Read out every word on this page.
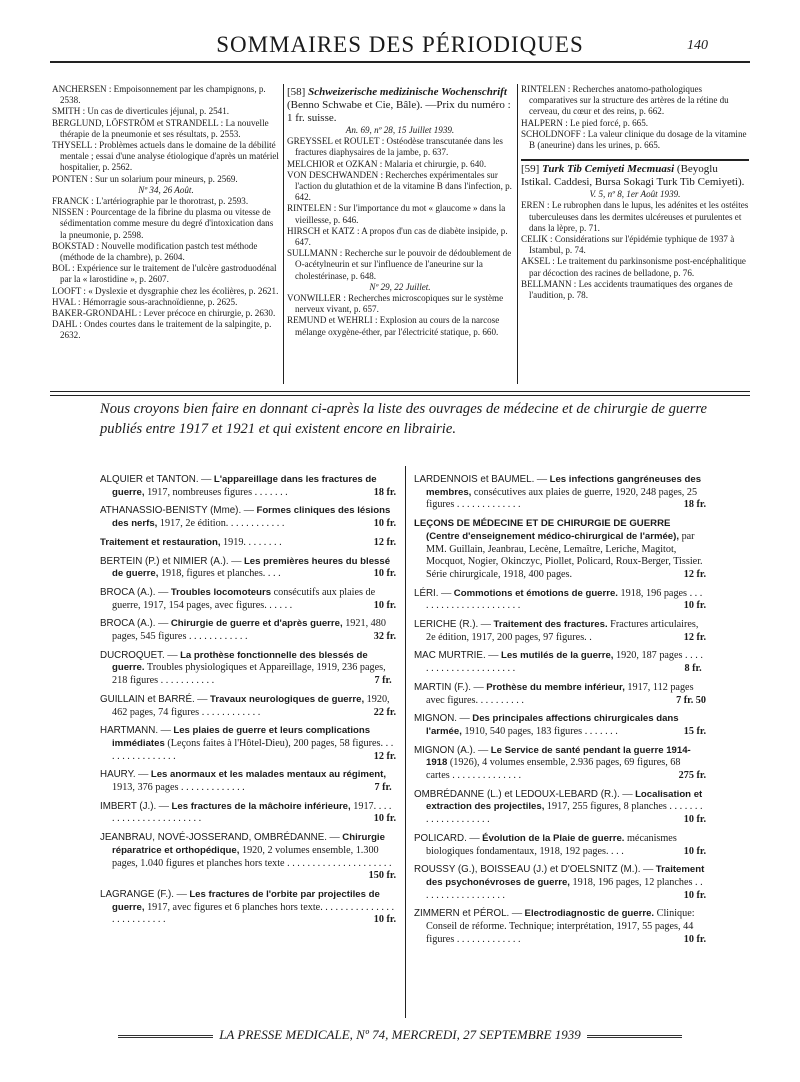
SOMMAIRES DES PÉRIODIQUES	140

ANCHERSEN : Empoisonnement par les champignons, p. 2538.

SMITH : Un cas de diverticules jéjunal, p. 2541.

BERGLUND, LÖFSTRÖM et STRANDELL : La nouvelle thérapie de la pneumonie et ses résultats, p. 2553.

THYSELL : Problèmes actuels dans le domaine de la débilité mentale ; essai d'une analyse étiologique d'après un matériel hospitalier, p. 2562.

PONTEN : Sur un solarium pour mineurs, p. 2569.

Nº 34, 26 Août.

FRANCK : L'artériographie par le thorotrast, p. 2593.

NISSEN : Pourcentage de la fibrine du plasma ou vitesse de sédimentation comme mesure du degré d'intoxication dans la pneumonie, p. 2598.

BOKSTAD : Nouvelle modification pastch test méthode (méthode de la chambre), p. 2604.

BOL : Expérience sur le traitement de l'ulcère gastroduodénal par la « larostidine », p. 2607.

LOOFT : « Dyslexie et dysgraphie chez les écolières, p. 2621.

HVAL : Hémorragie sous-arachnoïdienne, p. 2625.

BAKER-GRONDAHL : Lever précoce en chirurgie, p. 2630.

DAHL : Ondes courtes dans le traitement de la salpingite, p. 2632.

[58] Schweizerische medizinische Wochenschrift (Benno Schwabe et Cie, Bâle). —Prix du numéro : 1 fr. suisse.

An. 69, nº 28, 15 Juillet 1939.

GREYSSEL et ROULET : Ostéodèse transcutanée dans les fractures diaphysaires de la jambe, p. 637.

MELCHIOR et OZKAN : Malaria et chirurgie, p. 640.

VON DESCHWANDEN : Recherches expérimentales sur l'action du glutathion et de la vitamine B dans l'infection, p. 642.

RINTELEN : Sur l'importance du mot « glaucome » dans la vieillesse, p. 646.

HIRSCH et KATZ : A propos d'un cas de diabète insipide, p. 647.

SULLMANN : Recherche sur le pouvoir de dédoublement de O-acétylneurin et sur l'influence de l'aneurine sur la cholestérinase, p. 648.

Nº 29, 22 Juillet.

VONWILLER : Recherches microscopiques sur le système nerveux vivant, p. 657.

REMUND et WEHRLI : Explosion au cours de la narcose mélange oxygène-éther, par l'électricité statique, p. 660.

RINTELEN : Recherches anatomo-pathologiques comparatives sur la structure des artères de la rétine du cerveau, du cœur et des reins, p. 662.

HALPERN : Le pied forcé, p. 665.

SCHOLDNOFF : La valeur clinique du dosage de la vitamine B (aneurine) dans les urines, p. 665.

[59] Turk Tib Cemiyeti Mecmuasi (Beyoglu Istikal. Caddesi, Bursa Sokagi Turk Tib Cemiyeti).

V. 5, nº 8, 1er Août 1939.

EREN : Le rubrophen dans le lupus, les adénites et les ostéites tuberculeuses dans les dermites ulcéreuses et purulentes et dans la lèpre, p. 71.

CELIK : Considérations sur l'épidémie typhique de 1937 à Istambul, p. 74.

AKSEL : Le traitement du parkinsonisme post-encéphalitique par décoction des racines de belladone, p. 76.

BELLMANN : Les accidents traumatiques des organes de l'audition, p. 78.

Nous croyons bien faire en donnant ci-après la liste des ouvrages de médecine et de chirurgie de guerre publiés entre 1917 et 1921 et qui existent encore en librairie.

ALQUIER et TANTON. — L'appareillage dans les fractures de guerre, 1917, nombreuses figures . . . . . . .	18 fr.

ATHANASSIO-BENISTY (Mme). — Formes cliniques des lésions des nerfs, 1917, 2e édition. . . . . . . . . . . .	10 fr.

Traitement et restauration, 1919. . . . . . . .	12 fr.

BERTEIN (P.) et NIMIER (A.). — Les premières heures du blessé de guerre, 1918, figures et planches. . . .	10 fr.

BROCA (A.). — Troubles locomoteurs consécutifs aux plaies de guerre, 1917, 154 pages, avec figures. . . . . .	10 fr.

BROCA (A.). — Chirurgie de guerre et d'après guerre, 1921, 480 pages, 545 figures . . . . . . . . . . . .	32 fr.

DUCROQUET. — La prothèse fonctionnelle des blessés de guerre. Troubles physiologiques et Appareillage, 1919, 236 pages, 218 figures . . . . . . . . . . .	7 fr.

GUILLAIN et BARRÉ. — Travaux neurologiques de guerre, 1920, 462 pages, 74 figures . . . . . . . . . . . .	22 fr.

HARTMANN. — Les plaies de guerre et leurs complications immédiates (Leçons faites à l'Hôtel-Dieu), 200 pages, 58 figures. . . . . . . . . . . . . . . .	12 fr.

HAURY. — Les anormaux et les malades mentaux au régiment, 1913, 376 pages . . . . . . . . . . . . .	7 fr.

IMBERT (J.). — Les fractures de la mâchoire inférieure, 1917. . . . . . . . . . . . . . . . . . . . . .	10 fr.

JEANBRAU, NOVÉ-JOSSERAND, OMBRÉDANNE. — Chirurgie réparatrice et orthopédique, 1920, 2 volumes ensemble, 1.300 pages, 1.040 figures et planches hors texte . . . . . . . . . . . . . . . . . . . . .
150 fr.

LAGRANGE (F.). — Les fractures de l'orbite par projectiles de guerre, 1917, avec figures et 6 planches hors texte. . . . . . . . . . . . . . . . . . . . . . . . . .	10 fr.

LARDENNOIS et BAUMEL. — Les infections gangréneuses des membres, consécutives aux plaies de guerre, 1920, 248 pages, 25 figures . . . . . . . . . . . . .	18 fr.

LEÇONS DE MÉDECINE ET DE CHIRURGIE DE GUERRE (Centre d'enseignement médico-chirurgical de l'armée), par MM. Guillain, Jeanbrau, Lecène, Lemaître, Leriche, Magitot, Mocquot, Nogier, Okinczyc, Piollet, Policard, Roux-Berger, Tissier. Série chirurgicale, 1918, 400 pages.	12 fr.

LÉRI. — Commotions et émotions de guerre. 1918, 196 pages . . . . . . . . . . . . . . . . . . . . . .	10 fr.

LERICHE (R.). — Traitement des fractures. Fractures articulaires, 2e édition, 1917, 200 pages, 97 figures. .	12 fr.

MAC MURTRIE. — Les mutilés de la guerre, 1920, 187 pages . . . . . . . . . . . . . . . . . . . . . .	8 fr.

MARTIN (F.). — Prothèse du membre inférieur, 1917, 112 pages avec figures. . . . . . . . . .	7 fr. 50

MIGNON. — Des principales affections chirurgicales dans l'armée, 1910, 540 pages, 183 figures . . . . . . .	15 fr.

MIGNON (A.). — Le Service de santé pendant la guerre 1914-1918 (1926), 4 volumes ensemble, 2.936 pages, 69 figures, 68 cartes . . . . . . . . . . . . . .	275 fr.

OMBRÉDANNE (L.) et LEDOUX-LEBARD (R.). — Localisation et extraction des projectiles, 1917, 255 figures, 8 planches . . . . . . . . . . . . . . . . . . . .	10 fr.

POLICARD. — Évolution de la Plaie de guerre. mécanismes biologiques fondamentaux, 1918, 192 pages. . . .	10 fr.

ROUSSY (G.), BOISSEAU (J.) et D'OELSNITZ (M.). — Traitement des psychonévroses de guerre, 1918, 196 pages, 12 planches . . . . . . . . . . . . . . . . . .	10 fr.

ZIMMERN et PÉROL. — Electrodiagnostic de guerre. Clinique: Conseil de réforme. Technique; interprétation, 1917, 55 pages, 44 figures . . . . . . . . . . . . .	10 fr.

LA PRESSE MEDICALE, Nº 74, MERCREDI, 27 SEPTEMBRE 1939
